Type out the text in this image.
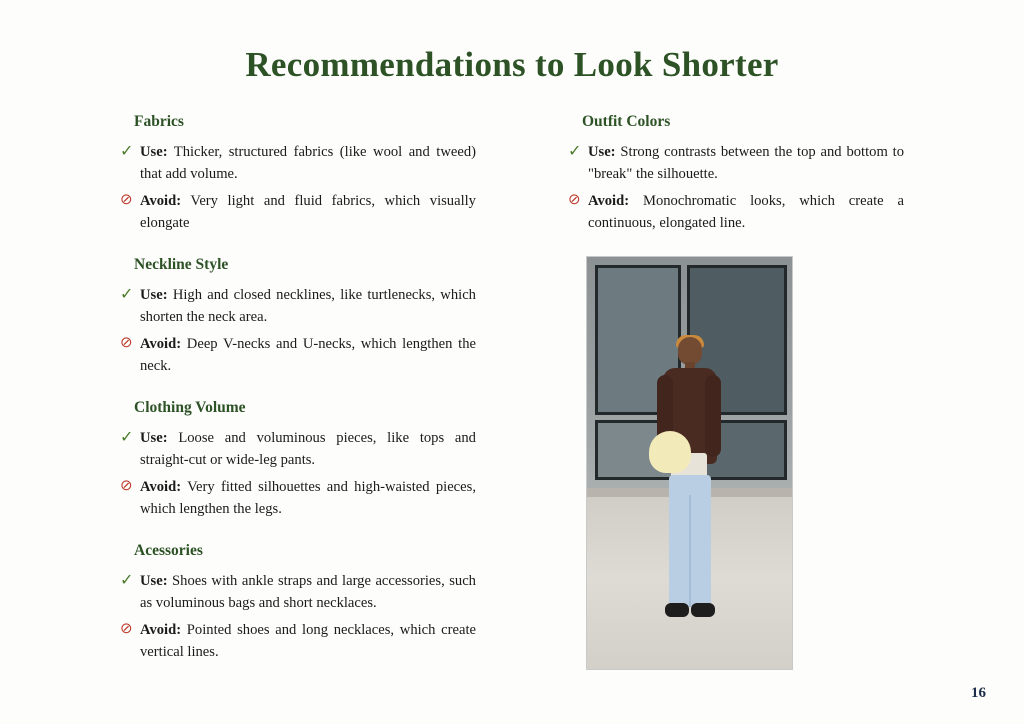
Recommendations to Look Shorter
Fabrics
✓ Use: Thicker, structured fabrics (like wool and tweed) that add volume.
⊘ Avoid: Very light and fluid fabrics, which visually elongate
Neckline Style
✓ Use: High and closed necklines, like turtlenecks, which shorten the neck area.
⊘ Avoid: Deep V-necks and U-necks, which lengthen the neck.
Clothing Volume
✓ Use: Loose and voluminous pieces, like tops and straight-cut or wide-leg pants.
⊘ Avoid: Very fitted silhouettes and high-waisted pieces, which lengthen the legs.
Acessories
✓ Use: Shoes with ankle straps and large accessories, such as voluminous bags and short necklaces.
⊘ Avoid: Pointed shoes and long necklaces, which create vertical lines.
Outfit Colors
✓ Use: Strong contrasts between the top and bottom to "break" the silhouette.
⊘ Avoid: Monochromatic looks, which create a continuous, elongated line.
16
